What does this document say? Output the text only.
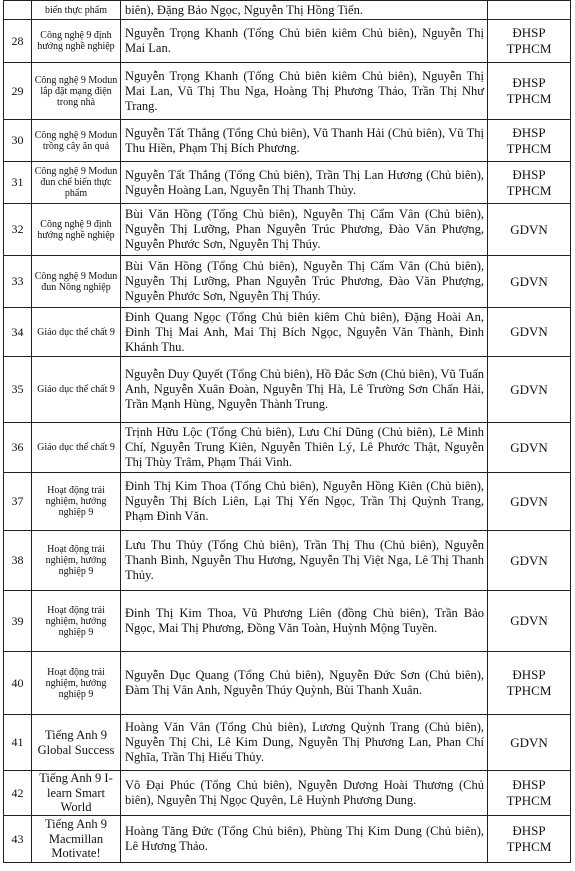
	biến thực phẩm	biên), Đặng Bảo Ngọc, Nguyễn Thị Hồng Tiến.	
28	Công nghệ 9 định hướng nghề nghiệp	Nguyễn Trọng Khanh (Tổng Chủ biên kiêm Chủ biên), Nguyễn Thị Mai Lan.	ĐHSP TPHCM
29	Công nghệ 9 Modun lắp đặt mạng điện trong nhà	Nguyễn Trọng Khanh (Tổng Chủ biên kiêm Chủ biên), Nguyễn Thị Mai Lan, Vũ Thị Thu Nga, Hoàng Thị Phương Thảo, Trần Thị Như Trang.	ĐHSP TPHCM
30	Công nghệ 9 Modun trồng cây ăn quả	Nguyễn Tất Thắng (Tổng Chủ biên), Vũ Thanh Hải (Chủ biên), Vũ Thị Thu Hiền, Phạm Thị Bích Phương.	ĐHSP TPHCM
31	Công nghệ 9 Modun đun chế biến thực phẩm	Nguyễn Tất Thắng (Tổng Chủ biên), Trần Thị Lan Hương (Chủ biên), Nguyễn Hoàng Lan, Nguyễn Thị Thanh Thủy.	ĐHSP TPHCM
32	Công nghệ 9 định hướng nghề nghiệp	Bùi Văn Hồng (Tổng Chủ biên), Nguyễn Thị Cẩm Vân (Chủ biên), Nguyễn Thị Lưỡng, Phan Nguyễn Trúc Phương, Đào Văn Phượng, Nguyễn Phước Sơn, Nguyễn Thị Thúy.	GDVN
33	Công nghệ 9 Modun đun Nông nghiệp	Bùi Văn Hồng (Tổng Chủ biên), Nguyễn Thị Cẩm Vân (Chủ biên), Nguyễn Thị Lưỡng, Phan Nguyễn Trúc Phương, Đào Văn Phượng, Nguyễn Phước Sơn, Nguyễn Thị Thúy.	GDVN
34	Giáo dục thể chất 9	Đinh Quang Ngọc (Tổng Chủ biên kiêm Chủ biên), Đặng Hoài An, Đinh Thị Mai Anh, Mai Thị Bích Ngọc, Nguyễn Văn Thành, Đinh Khánh Thu.	GDVN
35	Giáo dục thể chất 9	Nguyễn Duy Quyết (Tổng Chủ biên), Hồ Đắc Sơn (Chủ biên), Vũ Tuấn Anh, Nguyễn Xuân Đoàn, Nguyễn Thị Hà, Lê Trường Sơn Chấn Hải, Trần Mạnh Hùng, Nguyễn Thành Trung.	GDVN
36	Giáo dục thể chất 9	Trịnh Hữu Lộc (Tổng Chủ biên), Lưu Chí Dũng (Chủ biên), Lê Minh Chí, Nguyễn Trung Kiên, Nguyễn Thiên Lý, Lê Phước Thật, Nguyễn Thị Thùy Trâm, Phạm Thái Vinh.	GDVN
37	Hoạt động trải nghiệm, hướng nghiệp 9	Đinh Thị Kim Thoa (Tổng Chủ biên), Nguyễn Hồng Kiên (Chủ biên), Nguyễn Thị Bích Liên, Lại Thị Yến Ngọc, Trần Thị Quỳnh Trang, Phạm Đình Văn.	GDVN
38	Hoạt động trải nghiệm, hướng nghiệp 9	Lưu Thu Thủy (Tổng Chủ biên), Trần Thị Thu (Chủ biên), Nguyễn Thanh Bình, Nguyễn Thu Hương, Nguyễn Thị Việt Nga, Lê Thị Thanh Thủy.	GDVN
39	Hoạt động trải nghiệm, hướng nghiệp 9	Đinh Thị Kim Thoa, Vũ Phương Liên (đồng Chủ biên), Trần Bảo Ngọc, Mai Thị Phương, Đồng Văn Toàn, Huỳnh Mộng Tuyền.	GDVN
40	Hoạt động trải nghiệm, hướng nghiệp 9	Nguyễn Dục Quang (Tổng Chủ biên), Nguyễn Đức Sơn (Chủ biên), Đàm Thị Vân Anh, Nguyễn Thúy Quỳnh, Bùi Thanh Xuân.	ĐHSP TPHCM
41	Tiếng Anh 9 Global Success	Hoàng Văn Vân (Tổng Chủ biên), Lương Quỳnh Trang (Chủ biên), Nguyễn Thị Chi, Lê Kim Dung, Nguyễn Thị Phương Lan, Phan Chí Nghĩa, Trần Thị Hiếu Thủy.	GDVN
42	Tiếng Anh 9 I-learn Smart World	Võ Đại Phúc (Tổng Chủ biên), Nguyễn Dương Hoài Thương (Chủ biên), Nguyễn Thị Ngọc Quyên, Lê Huỳnh Phương Dung.	ĐHSP TPHCM
43	Tiếng Anh 9 Macmillan Motivate!	Hoàng Tăng Đức (Tổng Chủ biên), Phùng Thị Kim Dung (Chủ biên), Lê Hương Thảo.	ĐHSP TPHCM
